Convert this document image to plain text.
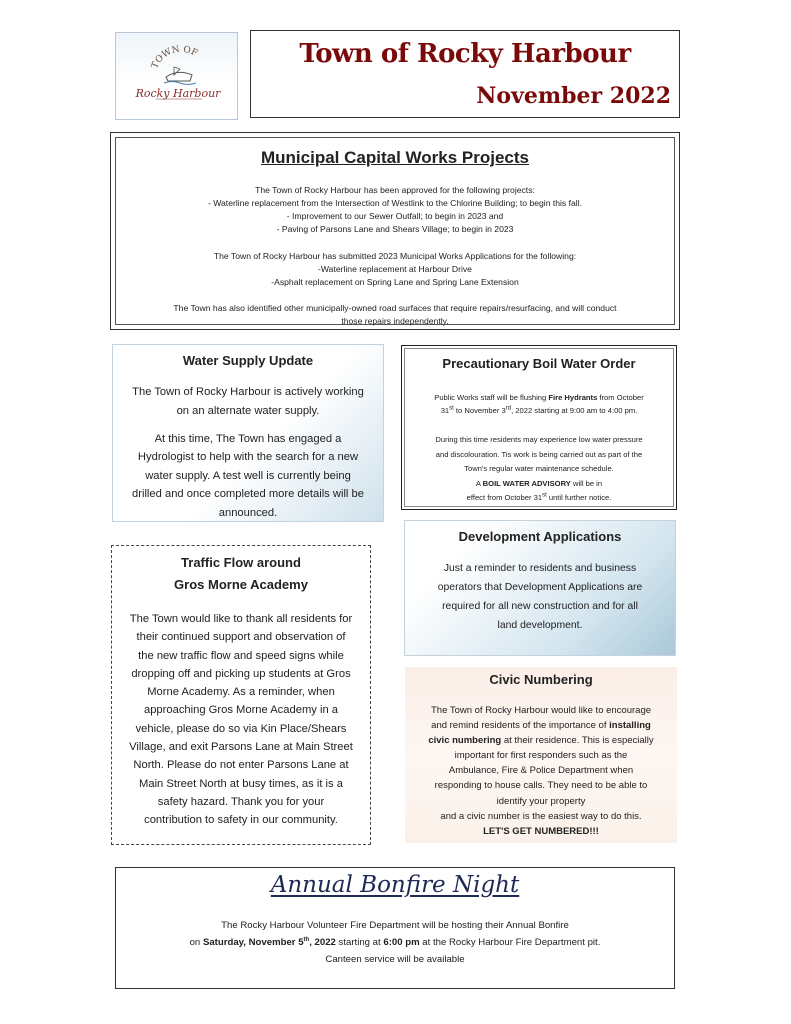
TOWN OF
Rocky Harbour
Town of Rocky Harbour
November 2022
Municipal Capital Works Projects
The Town of Rocky Harbour has been approved for the following projects:
- Waterline replacement from the Intersection of Westlink to the Chlorine Building; to begin this fall.
- Improvement to our Sewer Outfall; to begin in 2023 and
- Paving of Parsons Lane and Shears Village; to begin in 2023
The Town of Rocky Harbour has submitted 2023 Municipal Works Applications for the following:
-Waterline replacement at Harbour Drive
-Asphalt replacement on Spring Lane and Spring Lane Extension
The Town has also identified other municipally-owned road surfaces that require repairs/resurfacing, and will conduct
those repairs independently.
Water Supply Update
The Town of Rocky Harbour is actively working
on an alternate water supply.
At this time, The Town has engaged a
Hydrologist to help with the search for a new
water supply. A test well is currently being
drilled and once completed more details will be
announced.
Precautionary Boil Water Order
Public Works staff will be flushing Fire Hydrants from October
31st to November 3rd, 2022 starting at 9:00 am to 4:00 pm.
During this time residents may experience low water pressure
and discolouration. Tis work is being carried out as part of the
Town's regular water maintenance schedule.
A BOIL WATER ADVISORY will be in
effect from October 31st until further notice.
Development Applications
Just a reminder to residents and business
operators that Development Applications are
required for all new construction and for all
land development.
Traffic Flow around
Gros Morne Academy
The Town would like to thank all residents for
their continued support and observation of
the new traffic flow and speed signs while
dropping off and picking up students at Gros
Morne Academy. As a reminder, when
approaching Gros Morne Academy in a
vehicle, please do so via Kin Place/Shears
Village, and exit Parsons Lane at Main Street
North. Please do not enter Parsons Lane at
Main Street North at busy times, as it is a
safety hazard. Thank you for your
contribution to safety in our community.
Civic Numbering
The Town of Rocky Harbour would like to encourage
and remind residents of the importance of installing
civic numbering at their residence. This is especially
important for first responders such as the
Ambulance, Fire & Police Department when
responding to house calls. They need to be able to
identify your property
and a civic number is the easiest way to do this.
LET'S GET NUMBERED!!!
Annual Bonfire Night
The Rocky Harbour Volunteer Fire Department will be hosting their Annual Bonfire
on Saturday, November 5th, 2022 starting at 6:00 pm at the Rocky Harbour Fire Department pit.
Canteen service will be available
